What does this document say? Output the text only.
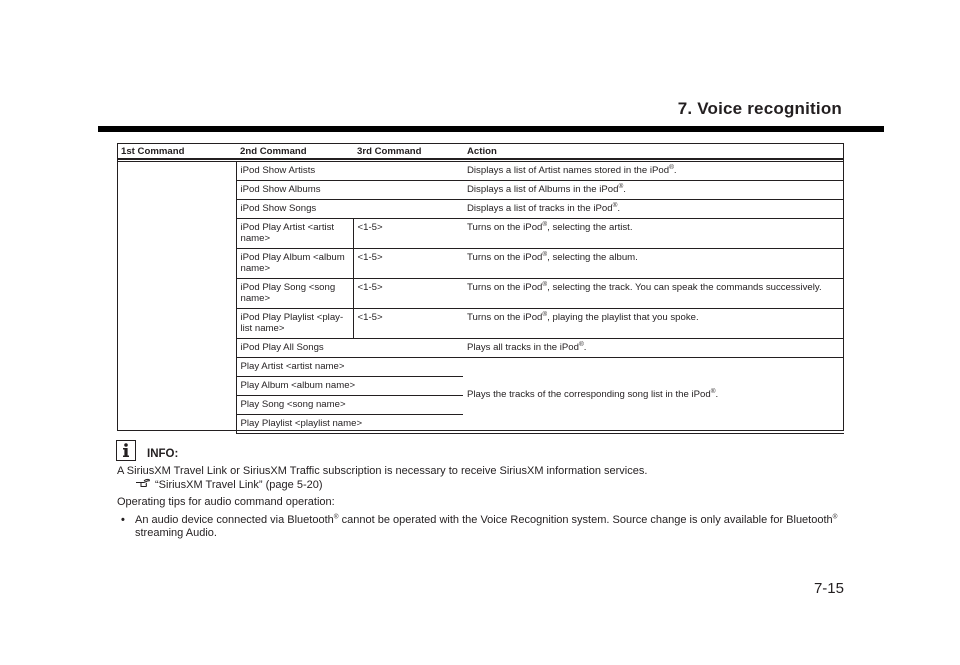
7. Voice recognition
1st Command	2nd Command	3rd Command	Action
	iPod Show Artists		Displays a list of Artist names stored in the iPod®.
	iPod Show Albums		Displays a list of Albums in the iPod®.
	iPod Show Songs		Displays a list of tracks in the iPod®.
	iPod Play Artist <artist name>	<1-5>	Turns on the iPod®, selecting the artist.
	iPod Play Album <album name>	<1-5>	Turns on the iPod®, selecting the album.
	iPod Play Song <song name>	<1-5>	Turns on the iPod®, selecting the track. You can speak the commands successively.
	iPod Play Playlist <play-list name>	<1-5>	Turns on the iPod®, playing the playlist that you spoke.
	iPod Play All Songs		Plays all tracks in the iPod®.
	Play Artist <artist name>		Plays the tracks of the corresponding song list in the iPod®.
	Play Album <album name>		
	Play Song <song name>		
	Play Playlist <playlist name>		
INFO:

A SiriusXM Travel Link or SiriusXM Traffic subscription is necessary to receive SiriusXM information services.

“SiriusXM Travel Link” (page 5-20)

Operating tips for audio command operation:

• An audio device connected via Bluetooth® cannot be operated with the Voice Recognition system. Source change is only available for Bluetooth®
streaming Audio.

7-15
